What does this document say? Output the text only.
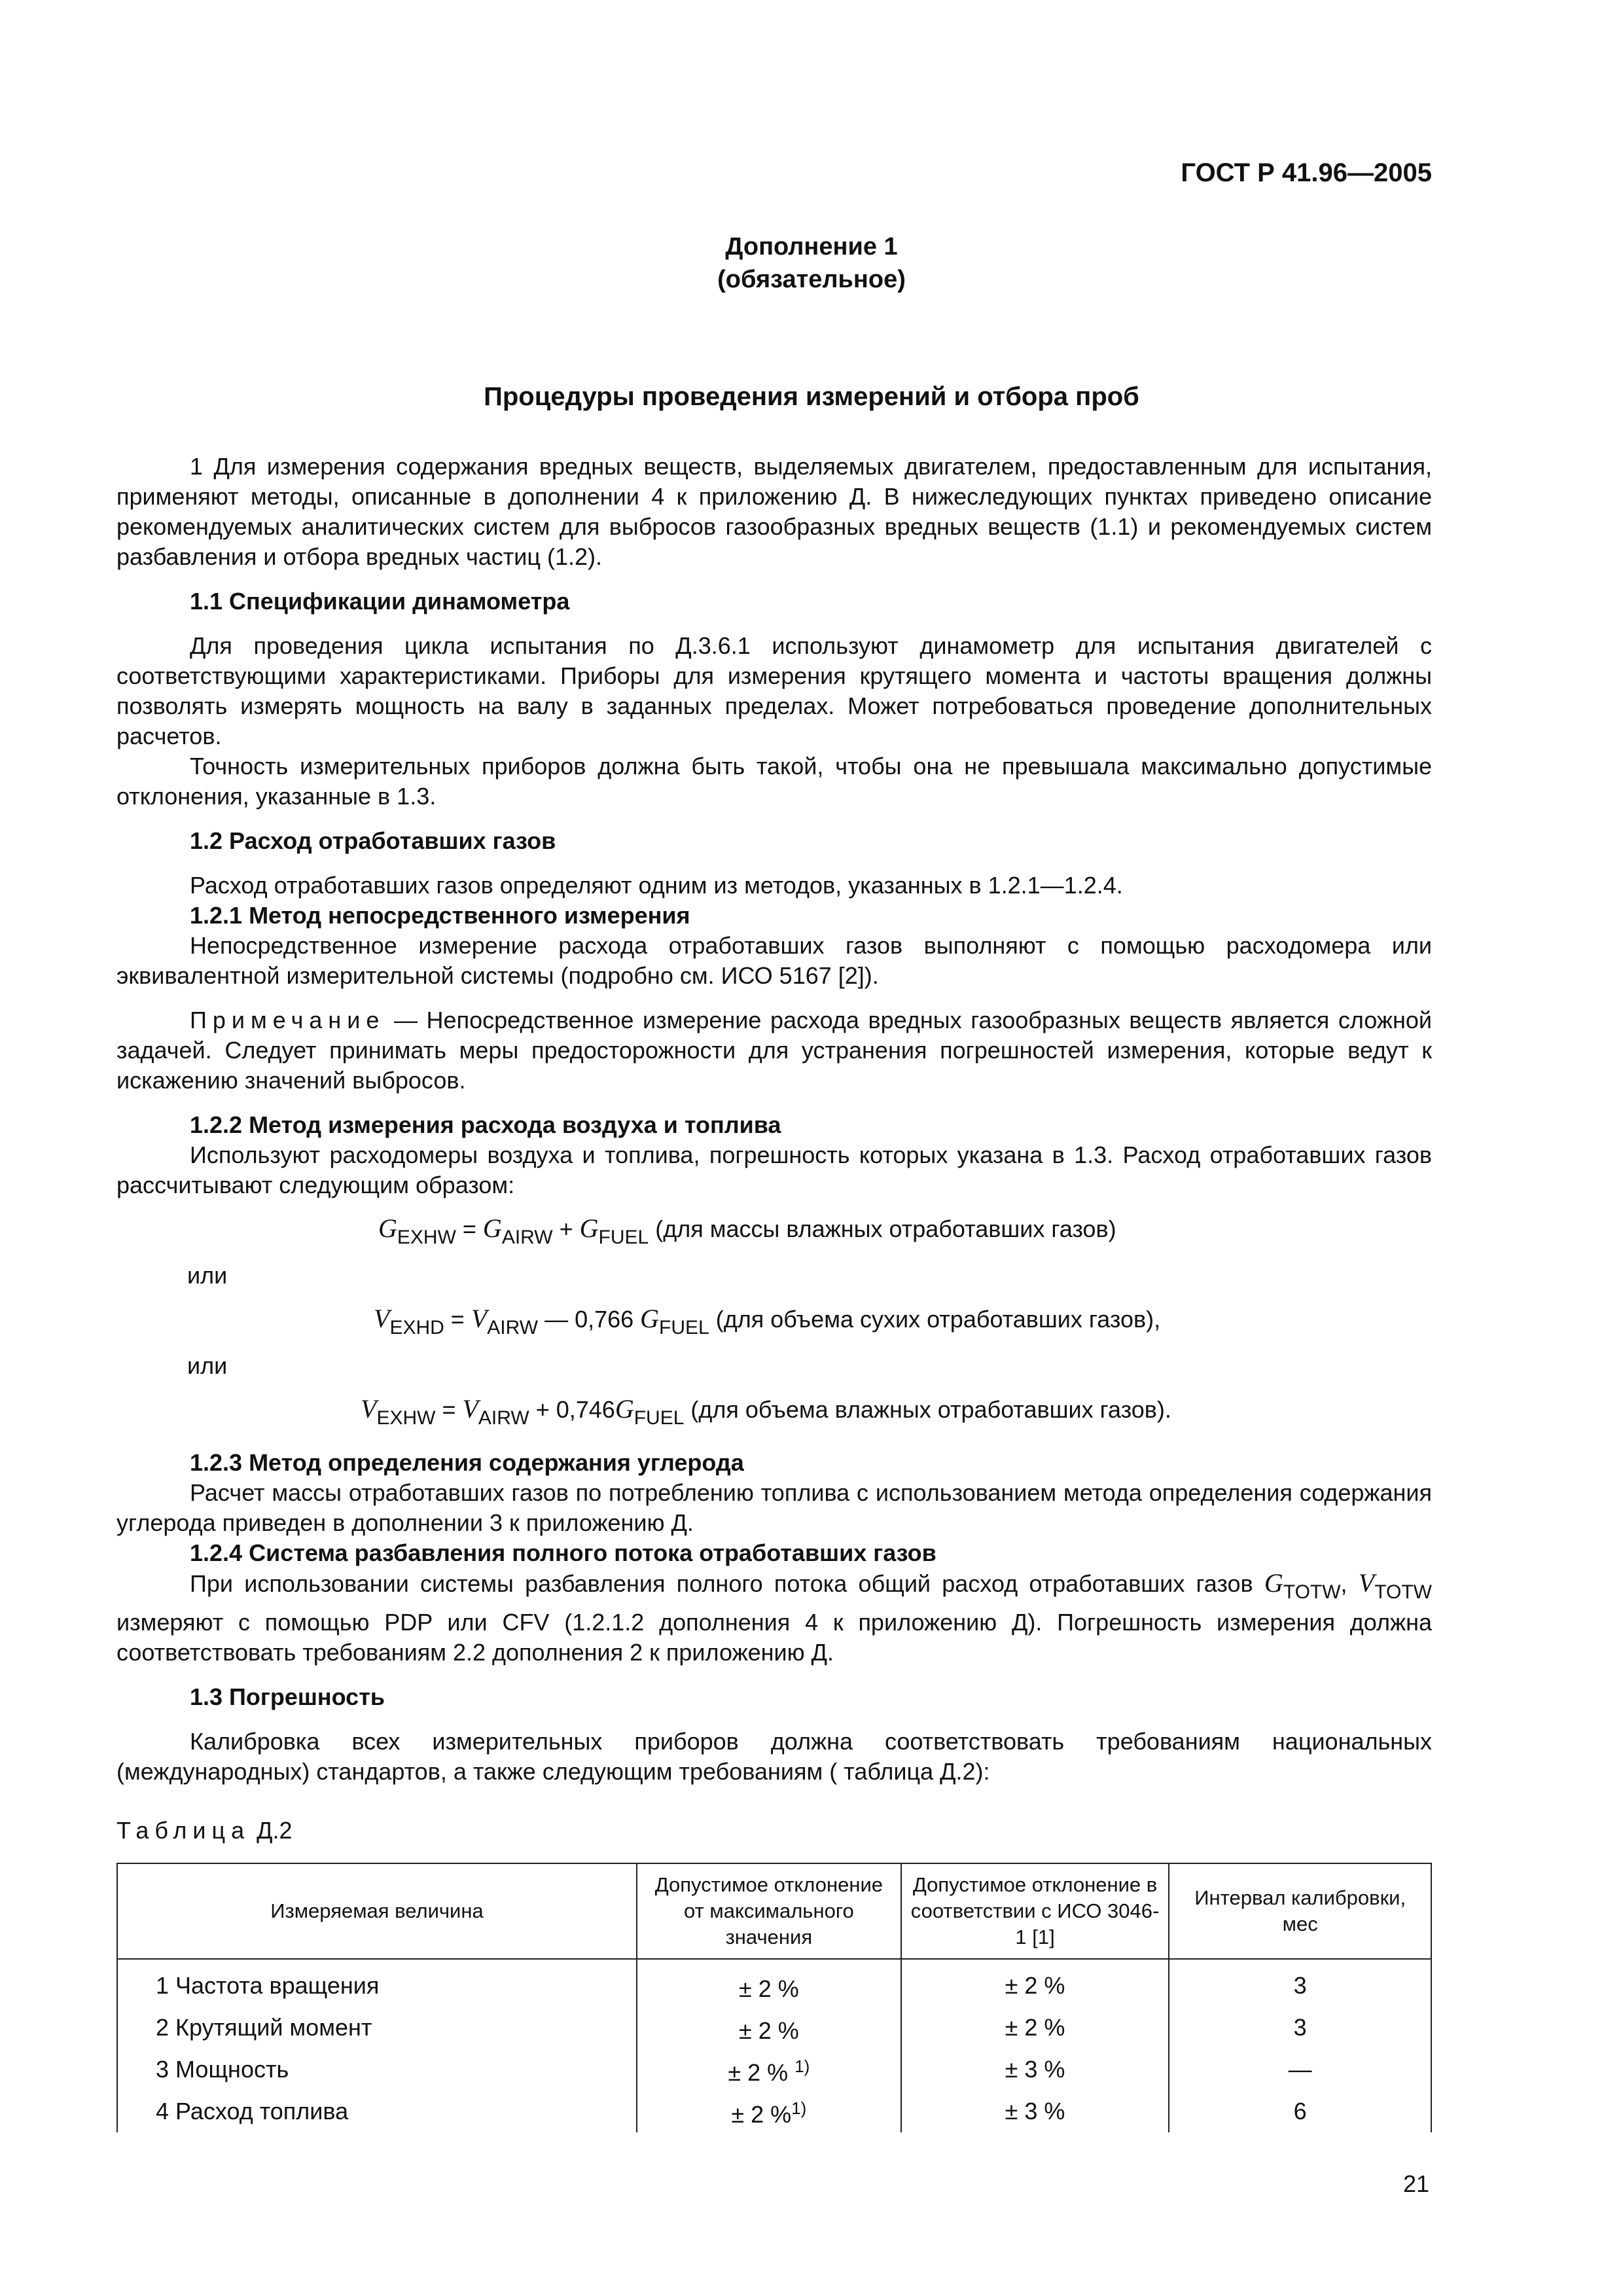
ГОСТ Р 41.96—2005
Дополнение 1
(обязательное)
Процедуры проведения измерений и отбора проб

1 Для измерения содержания вредных веществ, выделяемых двигателем, предоставленным для испытания, применяют методы, описанные в дополнении 4 к приложению Д. В нижеследующих пунктах приведено описание рекомендуемых аналитических систем для выбросов газообразных вредных веществ (1.1) и рекомендуемых систем разбавления и отбора вредных частиц (1.2).

1.1 Спецификации динамометра

Для проведения цикла испытания по Д.3.6.1 используют динамометр для испытания двигателей с соответствующими характеристиками. Приборы для измерения крутящего момента и частоты вращения должны позволять измерять мощность на валу в заданных пределах. Может потребоваться проведение дополнительных расчетов.

Точность измерительных приборов должна быть такой, чтобы она не превышала максимально допустимые отклонения, указанные в 1.3.

1.2 Расход отработавших газов

Расход отработавших газов определяют одним из методов, указанных в 1.2.1—1.2.4.

1.2.1 Метод непосредственного измерения

Непосредственное измерение расхода отработавших газов выполняют с помощью расходомера или эквивалентной измерительной системы (подробно см. ИСО 5167 [2]).

Примечание — Непосредственное измерение расхода вредных газообразных веществ является сложной задачей. Следует принимать меры предосторожности для устранения погрешностей измерения, которые ведут к искажению значений выбросов.

1.2.2 Метод измерения расхода воздуха и топлива

Используют расходомеры воздуха и топлива, погрешность которых указана в 1.3. Расход отработавших газов рассчитывают следующим образом:

$G_{EXHW} = G_{AIRW} + G_{FUEL}$ (для массы влажных отработавших газов)
или
$V_{EXHD} = V_{AIRW}$ — 0,766 $G_{FUEL}$ (для объема сухих отработавших газов),
или
$V_{EXHW} = V_{AIRW} + 0,746G_{FUEL}$ (для объема влажных отработавших газов).

1.2.3 Метод определения содержания углерода

Расчет массы отработавших газов по потреблению топлива с использованием метода определения содержания углерода приведен в дополнении 3 к приложению Д.

1.2.4 Система разбавления полного потока отработавших газов

При использовании системы разбавления полного потока общий расход отработавших газов $G_{TOTW}$, $V_{TOTW}$ измеряют с помощью PDP или CFV (1.2.1.2 дополнения 4 к приложению Д). Погрешность измерения должна соответствовать требованиям 2.2 дополнения 2 к приложению Д.

1.3 Погрешность

Калибровка всех измерительных приборов должна соответствовать требованиям национальных (международных) стандартов, а также следующим требованиям ( таблица Д.2):

Таблица Д.2
Измеряемая величина	Допустимое отклонение от максимального значения	Допустимое отклонение в соответствии с ИСО 3046-1 [1]	Интервал калибровки, мес
1 Частота вращения	± 2 %	± 2 %	3
2 Крутящий момент	± 2 %	± 2 %	3
3 Мощность	± 2 % $^{1)}$	± 3 %	—
4 Расход топлива	± 2 %$^{1)}$	± 3 %	6
21
